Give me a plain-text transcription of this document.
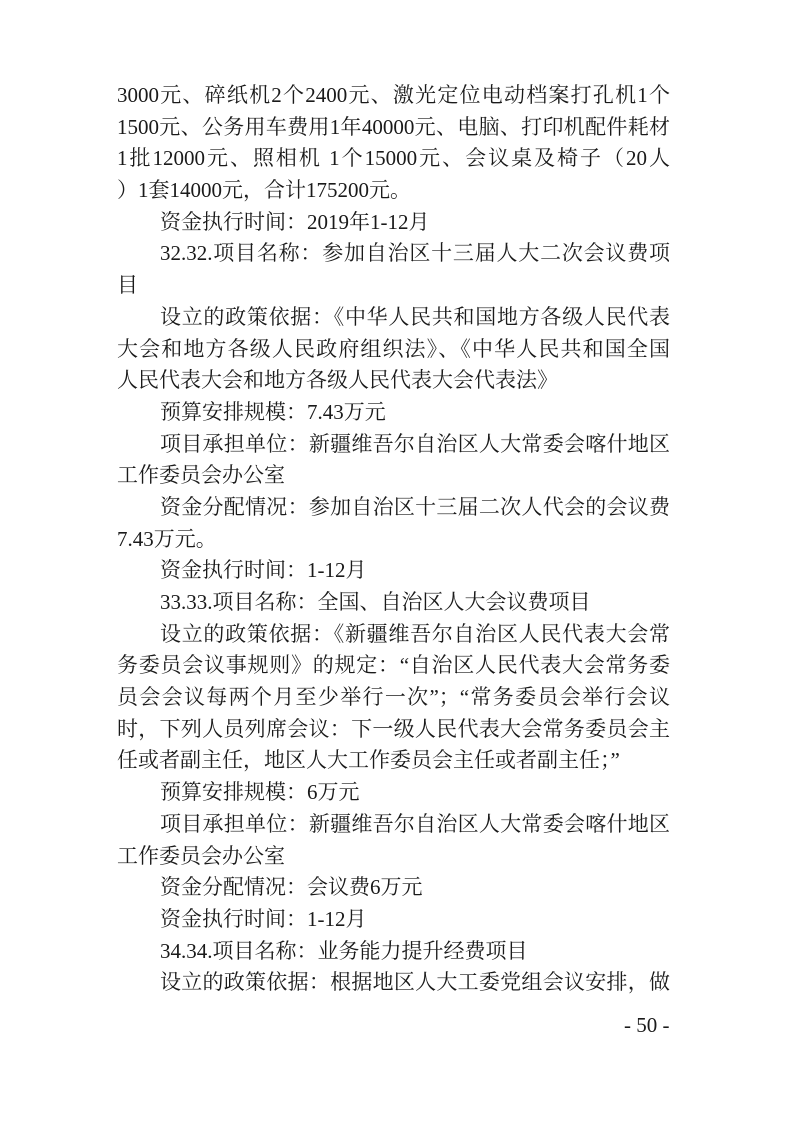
3000元、碎纸机2个2400元、激光定位电动档案打孔机1个
1500元、公务用车费用1年40000元、电脑、打印机配件耗材
1批12000元、照相机 1个15000元、会议桌及椅子（20人
）1套14000元，合计175200元。
资金执行时间：2019年1-12月
32.32.项目名称：参加自治区十三届人大二次会议费项
目
设立的政策依据：《中华人民共和国地方各级人民代表
大会和地方各级人民政府组织法》、《中华人民共和国全国
人民代表大会和地方各级人民代表大会代表法》
预算安排规模：7.43万元
项目承担单位：新疆维吾尔自治区人大常委会喀什地区
工作委员会办公室
资金分配情况：参加自治区十三届二次人代会的会议费
7.43万元。
资金执行时间：1-12月
33.33.项目名称：全国、自治区人大会议费项目
设立的政策依据：《新疆维吾尔自治区人民代表大会常
务委员会议事规则》的规定：“自治区人民代表大会常务委
员会会议每两个月至少举行一次”；“常务委员会举行会议
时，下列人员列席会议：下一级人民代表大会常务委员会主
任或者副主任，地区人大工作委员会主任或者副主任；”
预算安排规模：6万元
项目承担单位：新疆维吾尔自治区人大常委会喀什地区
工作委员会办公室
资金分配情况：会议费6万元
资金执行时间：1-12月
34.34.项目名称：业务能力提升经费项目
设立的政策依据：根据地区人大工委党组会议安排，做
- 50 -
